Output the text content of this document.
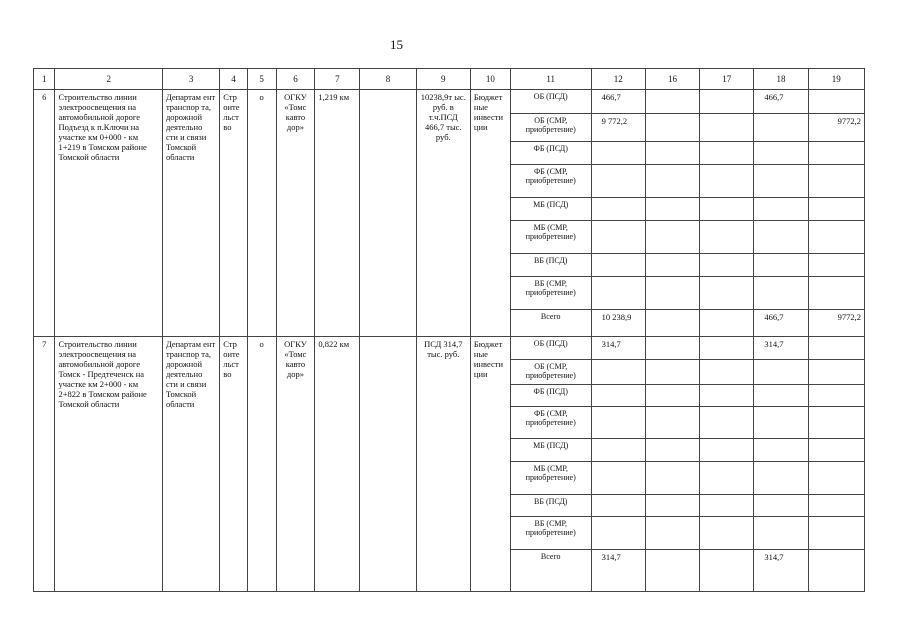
15
1	2	3	4	5	6	7	8	9	10	11	12	16	17	18	19
6	Строительство линии электроосвещения на автомобильной дороге Подъезд к п.Ключи на участке км 0+000 - км 1+219 в Томском районе Томской области	Департам ент транспор та, дорожной деятельно сти и связи Томской области	Стр оите льст во	о	ОГКУ «Томс кавто дор»	1,219 км		10238,9т ыс. руб. в т.ч.ПСД 466,7 тыс. руб.	Бюджет ные инвести ции	ОБ (ПСД)	466,7			466,7	
										ОБ (СМР, приобретение)	9 772,2				9772,2
										ФБ (ПСД)					
										ФБ (СМР, приобретение)					
										МБ (ПСД)					
										МБ (СМР, приобретение)					
										ВБ (ПСД)					
										ВБ (СМР, приобретение)					
										Всего	10 238,9			466,7	9772,2
7	Строительство линии электроосвещения на автомобильной дороге Томск - Предтеченск на участке км 2+000 - км 2+822 в Томском районе Томской области	Департам ент транспор та, дорожной деятельно сти и связи Томской области	Стр оите льст во	о	ОГКУ «Томс кавто дор»	0,822 км		ПСД 314,7 тыс. руб.	Бюджет ные инвести ции	ОБ (ПСД)	314,7			314,7	
										ОБ (СМР, приобретение)					
										ФБ (ПСД)					
										ФБ (СМР, приобретение)					
										МБ (ПСД)					
										МБ (СМР, приобретение)					
										ВБ (ПСД)					
										ВБ (СМР, приобретение)					
										Всего	314,7			314,7	
